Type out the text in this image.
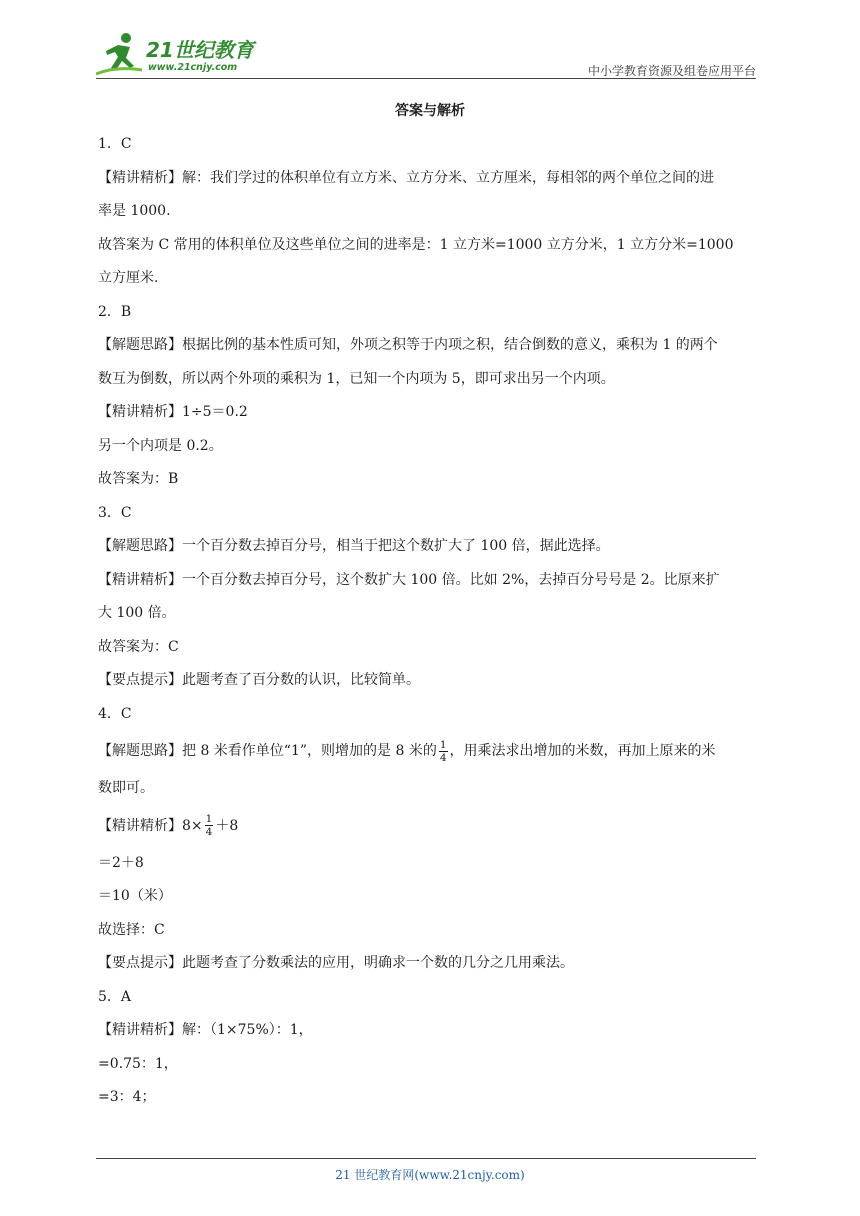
21世纪教育
www.21cnjy.com	中小学教育资源及组卷应用平台
答案与解析
1．C
【精讲精析】解：我们学过的体积单位有立方米、立方分米、立方厘米，每相邻的两个单位之间的进
率是 1000.
故答案为 C 常用的体积单位及这些单位之间的进率是：1 立方米=1000 立方分米，1 立方分米=1000
立方厘米.
2．B
【解题思路】根据比例的基本性质可知，外项之积等于内项之积，结合倒数的意义，乘积为 1 的两个
数互为倒数，所以两个外项的乘积为 1，已知一个内项为 5，即可求出另一个内项。
【精讲精析】1÷5＝0.2
另一个内项是 0.2。
故答案为：B
3．C
【解题思路】一个百分数去掉百分号，相当于把这个数扩大了 100 倍，据此选择。
【精讲精析】一个百分数去掉百分号，这个数扩大 100 倍。比如 2%，去掉百分号号是 2。比原来扩
大 100 倍。
故答案为：C
【要点提示】此题考查了百分数的认识，比较简单。
4．C
【解题思路】把 8 米看作单位“1”，则增加的是 8 米的 $\frac{1}{4}$ ，用乘法求出增加的米数，再加上原来的米
数即可。
【精讲精析】$8\times \frac{1}{4} +8$
＝2＋8
＝10（米）
故选择：C
【要点提示】此题考查了分数乘法的应用，明确求一个数的几分之几用乘法。
5．A
【精讲精析】解：（1×75%）：1，
=0.75：1，
=3：4；
21 世纪教育网(www.21cnjy.com)
